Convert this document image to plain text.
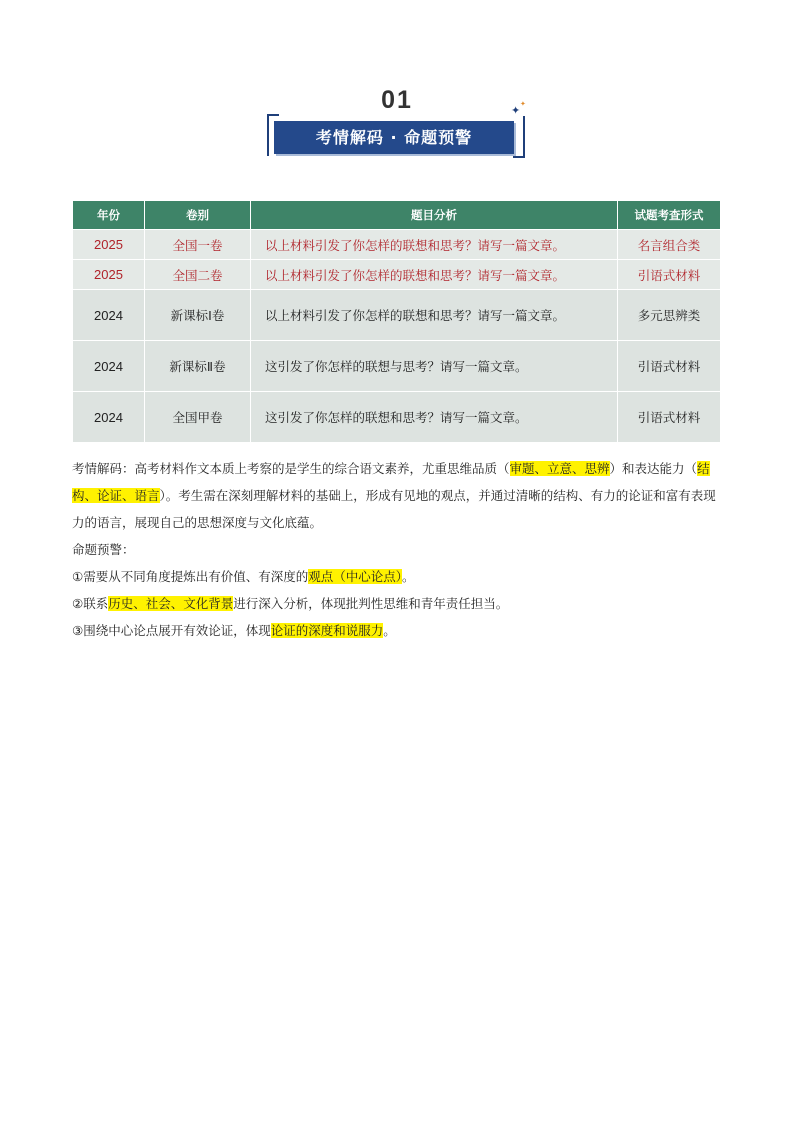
01
考情解码 · 命题预警
✦ ✦
年份	卷别	题目分析	试题考查形式
2025	全国一卷	以上材料引发了你怎样的联想和思考？请写一篇文章。	名言组合类
2025	全国二卷	以上材料引发了你怎样的联想和思考？请写一篇文章。	引语式材料
2024	新课标Ⅰ卷	以上材料引发了你怎样的联想和思考？请写一篇文章。	多元思辨类
2024	新课标Ⅱ卷	这引发了你怎样的联想与思考？请写一篇文章。	引语式材料
2024	全国甲卷	这引发了你怎样的联想和思考？请写一篇文章。	引语式材料

考情解码：高考材料作文本质上考察的是学生的综合语文素养，尤重思维品质（审题、立意、思辨）和表达能力（结构、论证、语言）。考生需在深刻理解材料的基础上，形成有见地的观点，并通过清晰的结构、有力的论证和富有表现力的语言，展现自己的思想深度与文化底蕴。

命题预警：

①需要从不同角度提炼出有价值、有深度的观点（中心论点）。

②联系历史、社会、文化背景进行深入分析，体现批判性思维和青年责任担当。

③围绕中心论点展开有效论证，体现论证的深度和说服力。
